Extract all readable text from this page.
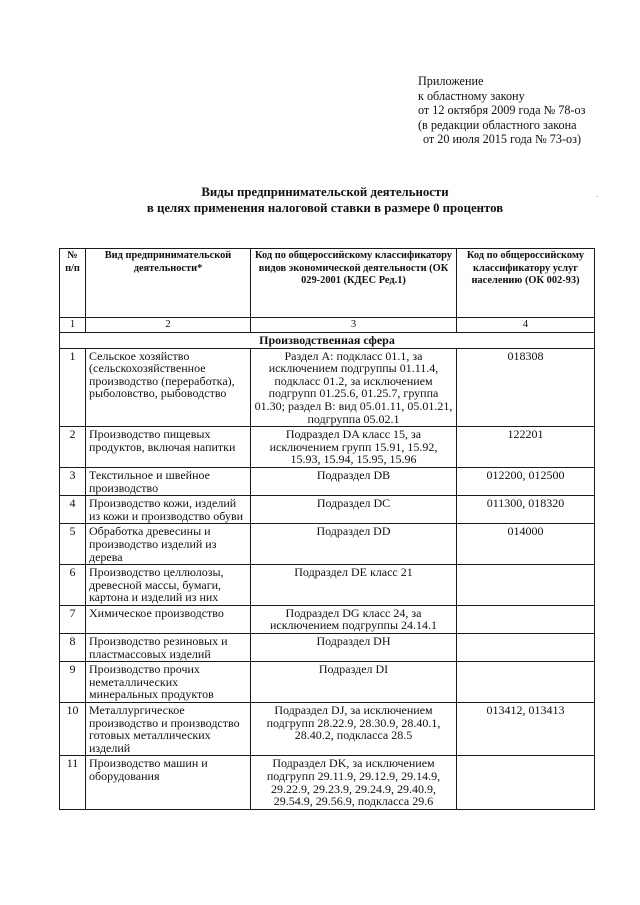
Приложение
к областному закону
от 12 октября 2009 года № 78-оз
(в редакции областного закона
от 20 июля 2015 года № 73-оз)
.
Виды предпринимательской деятельности
в целях применения налоговой ставки в размере 0 процентов
№ п/п	Вид предпринимательской деятельности*	Код по общероссийскому классификатору видов экономической деятельности (ОК 029-2001 (КДЕС Ред.1)	Код по общероссийскому классификатору услуг населению (ОК 002-93)
1	2	3	4
Производственная сфера			
1	Сельское хозяйство (сельскохозяйственное производство (переработка), рыболовство, рыбоводство	Раздел А: подкласс 01.1, за исключением подгруппы 01.11.4, подкласс 01.2, за исключением подгрупп 01.25.6, 01.25.7, группа 01.30; раздел В: вид 05.01.11, 05.01.21, подгруппа 05.02.1	018308
2	Производство пищевых продуктов, включая напитки	Подраздел DA класс 15, за исключением групп 15.91, 15.92, 15.93, 15.94, 15.95, 15.96	122201
3	Текстильное и швейное производство	Подраздел DB	012200, 012500
4	Производство кожи, изделий из кожи и производство обуви	Подраздел DC	011300, 018320
5	Обработка древесины и производство изделий из дерева	Подраздел DD	014000
6	Производство целлюлозы, древесной массы, бумаги, картона и изделий из них	Подраздел DE класс 21	
7	Химическое производство	Подраздел DG класс 24, за исключением подгруппы 24.14.1	
8	Производство резиновых и пластмассовых изделий	Подраздел DH	
9	Производство прочих неметаллических минеральных продуктов	Подраздел DI	
10	Металлургическое производство и производство готовых металлических изделий	Подраздел DJ, за исключением подгрупп 28.22.9, 28.30.9, 28.40.1, 28.40.2, подкласса 28.5	013412, 013413
11	Производство машин и оборудования	Подраздел DK, за исключением подгрупп 29.11.9, 29.12.9, 29.14.9, 29.22.9, 29.23.9, 29.24.9, 29.40.9, 29.54.9, 29.56.9, подкласса 29.6	
